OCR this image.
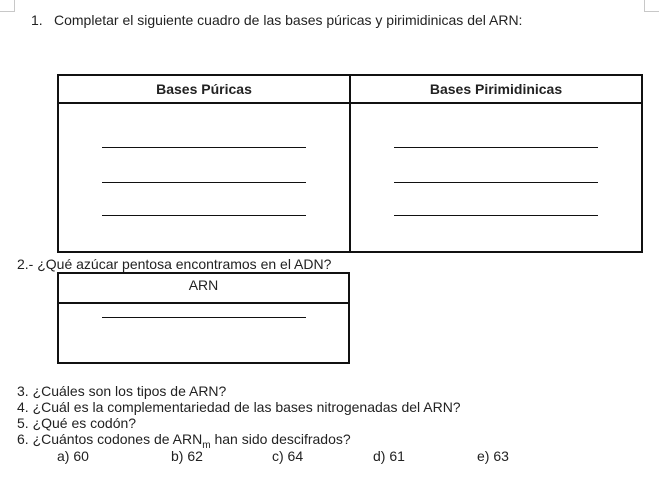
1. Completar el siguiente cuadro de las bases púricas y pirimidinicas del ARN:
Bases Púricas	Bases Pirimidinicas

ARN

2.- ¿Qué azúcar pentosa encontramos en el ADN?
3. ¿Cuáles son los tipos de ARN?
4. ¿Cuál es la complementariedad de las bases nitrogenadas del ARN?
5. ¿Qué es codón?
6. ¿Cuántos codones de $ARN_m$ han sido descifrados?
a) 60	b) 62	c) 64	d) 61	e) 63
